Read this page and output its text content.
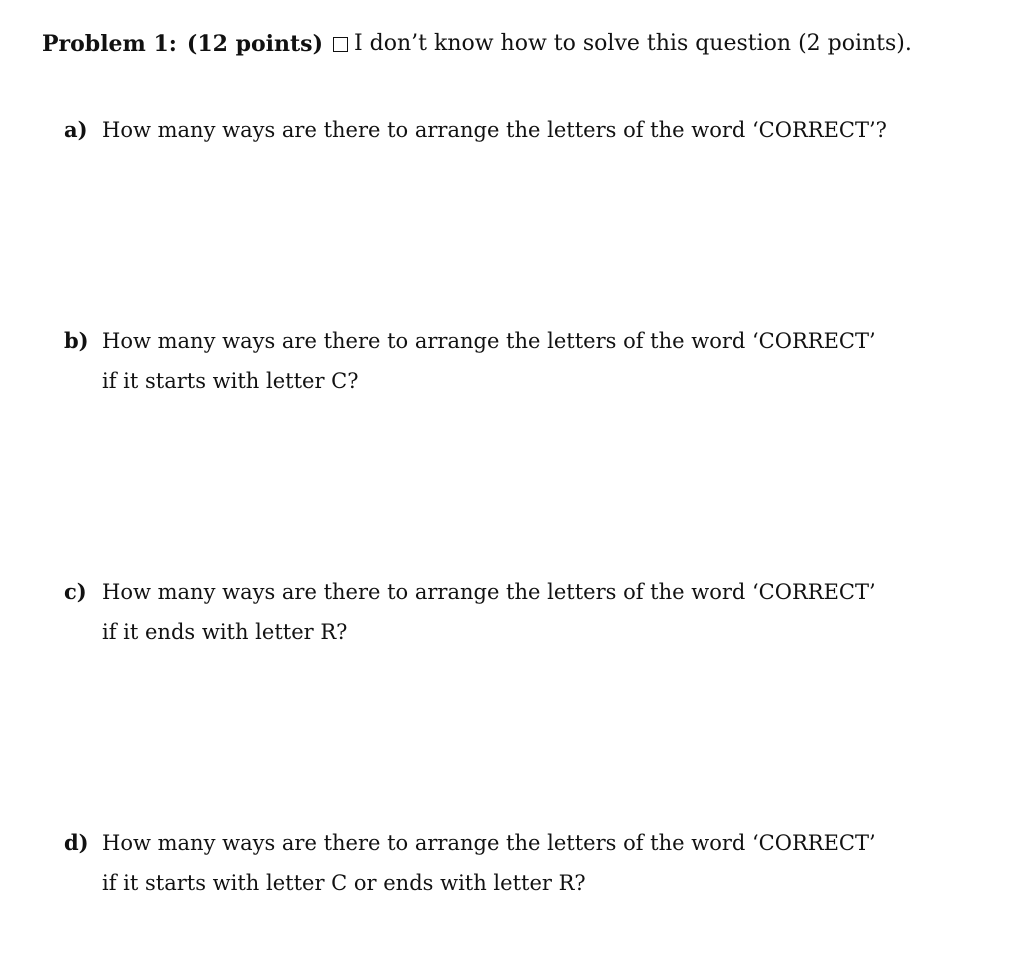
Problem 1: (12 points) I don’t know how to solve this question (2 points).
a) How many ways are there to arrange the letters of the word ‘CORRECT’?
b) How many ways are there to arrange the letters of the word ‘CORRECT’
if it starts with letter C?
c) How many ways are there to arrange the letters of the word ‘CORRECT’
if it ends with letter R?
d) How many ways are there to arrange the letters of the word ‘CORRECT’
if it starts with letter C or ends with letter R?
